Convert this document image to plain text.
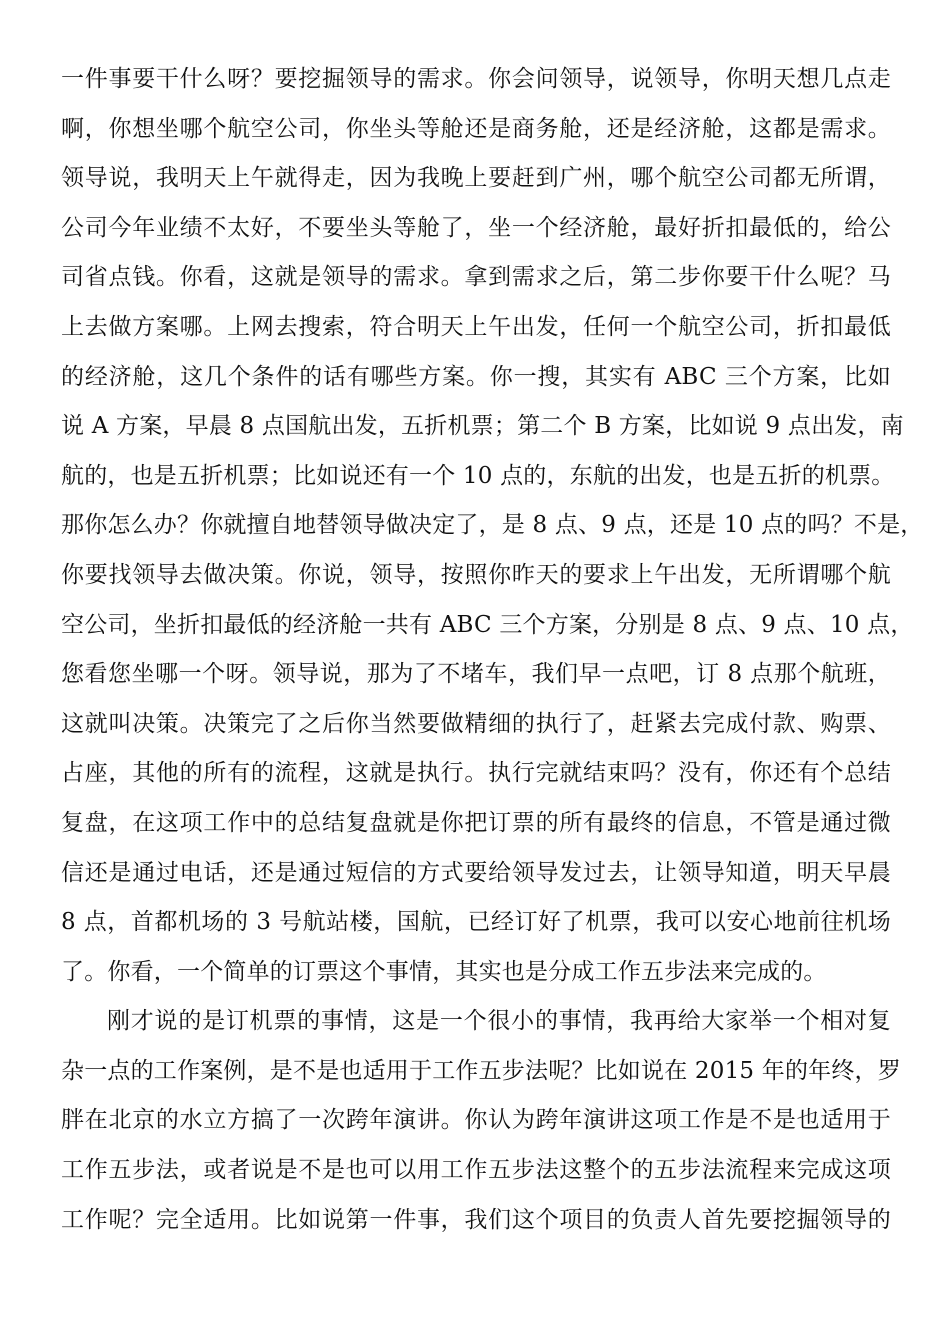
一件事要干什么呀？要挖掘领导的需求。你会问领导，说领导，你明天想几点走
啊，你想坐哪个航空公司，你坐头等舱还是商务舱，还是经济舱，这都是需求。
领导说，我明天上午就得走，因为我晚上要赶到广州，哪个航空公司都无所谓，
公司今年业绩不太好，不要坐头等舱了，坐一个经济舱，最好折扣最低的，给公
司省点钱。你看，这就是领导的需求。拿到需求之后，第二步你要干什么呢？马
上去做方案哪。上网去搜索，符合明天上午出发，任何一个航空公司，折扣最低
的经济舱，这几个条件的话有哪些方案。你一搜，其实有 ABC 三个方案，比如
说 A 方案，早晨 8 点国航出发，五折机票；第二个 B 方案，比如说 9 点出发，南
航的，也是五折机票；比如说还有一个 10 点的，东航的出发，也是五折的机票。
那你怎么办？你就擅自地替领导做决定了，是 8 点、9 点，还是 10 点的吗？不是，
你要找领导去做决策。你说，领导，按照你昨天的要求上午出发，无所谓哪个航
空公司，坐折扣最低的经济舱一共有 ABC 三个方案，分别是 8 点、9 点、10 点，
您看您坐哪一个呀。领导说，那为了不堵车，我们早一点吧，订 8 点那个航班，
这就叫决策。决策完了之后你当然要做精细的执行了，赶紧去完成付款、购票、
占座，其他的所有的流程，这就是执行。执行完就结束吗？没有，你还有个总结
复盘，在这项工作中的总结复盘就是你把订票的所有最终的信息，不管是通过微
信还是通过电话，还是通过短信的方式要给领导发过去，让领导知道，明天早晨
8 点，首都机场的 3 号航站楼，国航，已经订好了机票，我可以安心地前往机场
了。你看，一个简单的订票这个事情，其实也是分成工作五步法来完成的。
刚才说的是订机票的事情，这是一个很小的事情，我再给大家举一个相对复
杂一点的工作案例，是不是也适用于工作五步法呢？比如说在 2015 年的年终，罗
胖在北京的水立方搞了一次跨年演讲。你认为跨年演讲这项工作是不是也适用于
工作五步法，或者说是不是也可以用工作五步法这整个的五步法流程来完成这项
工作呢？完全适用。比如说第一件事，我们这个项目的负责人首先要挖掘领导的
